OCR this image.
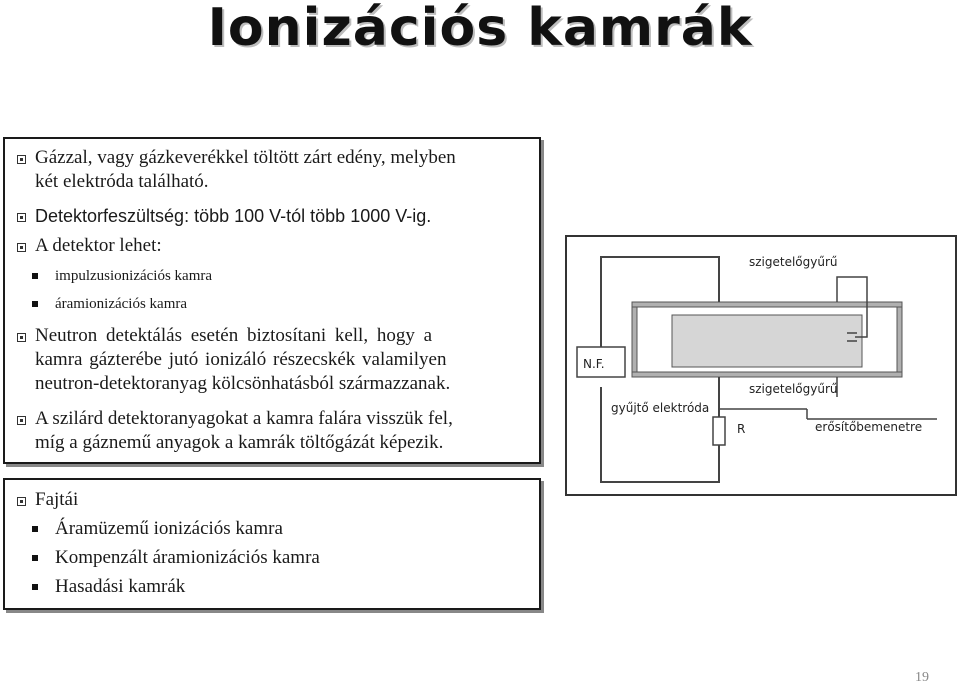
Ionizációs kamrák
Gázzal, vagy gázkeverékkel töltött zárt edény, melyben
két elektróda található.
Detektorfeszültség: több 100 V-tól több 1000 V-ig.
A detektor lehet:
impulzusionizációs kamra
áramionizációs kamra
Neutron detektálás esetén biztosítani kell, hogy a
kamra gázterébe jutó ionizáló részecskék valamilyen
neutron-detektoranyag kölcsönhatásból származzanak.
A szilárd detektoranyagokat a kamra falára visszük fel,
míg a gáznemű anyagok a kamrák töltőgázát képezik.
Fajtái
Áramüzemű ionizációs kamra
Kompenzált áramionizációs kamra
Hasadási kamrák
szigetelőgyűrű
N.F.
szigetelőgyűrű
gyűjtő elektróda
R	erősítőbemenetre
19
